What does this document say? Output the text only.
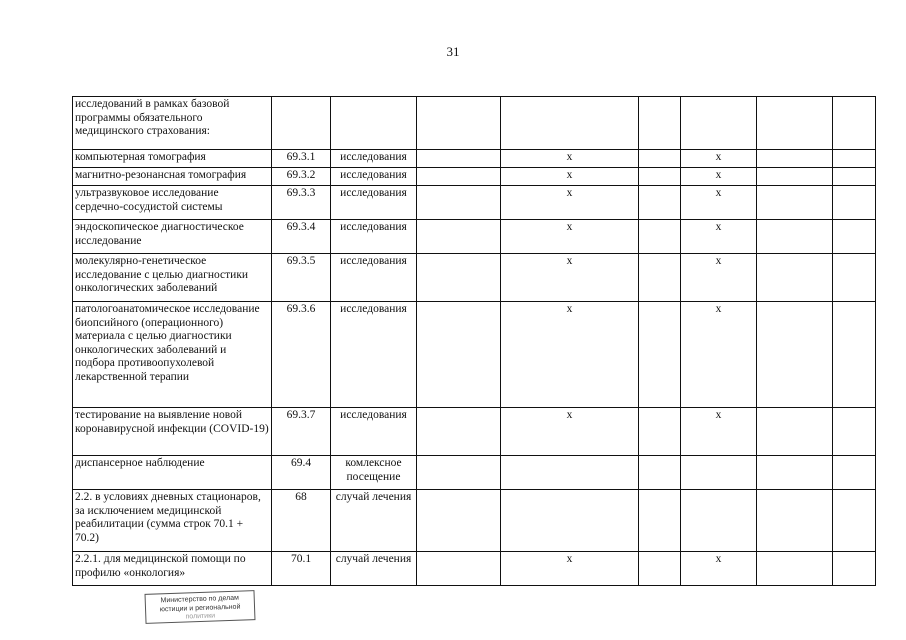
31
исследований в рамках базовой программы обязательного медицинского страхования:								
компьютерная томография	69.3.1	исследования		x		x		
магнитно-резонансная томография	69.3.2	исследования		x		x		
ультразвуковое исследование сердечно-сосудистой системы	69.3.3	исследования		x		x		
эндоскопическое диагностическое исследование	69.3.4	исследования		x		x		
молекулярно-генетическое исследование с целью диагностики онкологических заболеваний	69.3.5	исследования		x		x		
патологоанатомическое исследование биопсийного (операционного) материала с целью диагностики онкологических заболеваний и подбора противоопухолевой лекарственной терапии	69.3.6	исследования		x		x		
тестирование на выявление новой коронавирусной инфекции (COVID-19)	69.3.7	исследования		x		x		
диспансерное наблюдение	69.4	комлексное посещение						
2.2. в условиях дневных стационаров, за исключением медицинской реабилитации (сумма строк 70.1 + 70.2)	68	случай лечения						
2.2.1. для медицинской помощи по профилю «онкология»	70.1	случай лечения		x		x		
Министерство по делам
юстиции и региональной
политики
